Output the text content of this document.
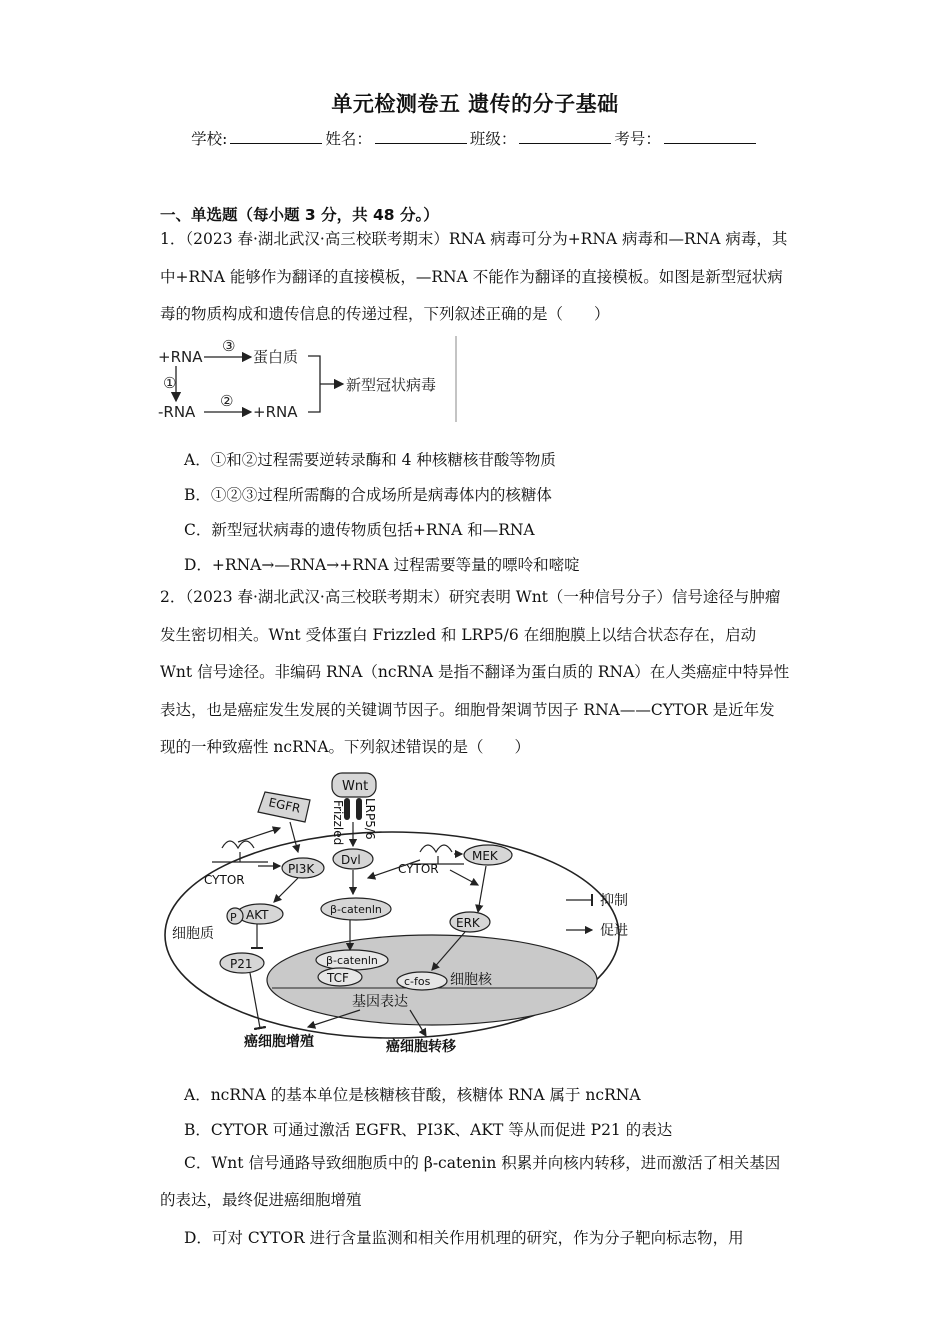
单元检测卷五 遗传的分子基础
学校:	姓名：	班级：	考号：
一、单选题（每小题 3 分，共 48 分。）
1．（2023 春·湖北武汉·高三校联考期末）RNA 病毒可分为+RNA 病毒和—RNA 病毒，其中+RNA 能够作为翻译的直接模板，—RNA 不能作为翻译的直接模板。如图是新型冠状病毒的物质构成和遗传信息的传递过程，下列叙述正确的是（　　）
+RNA
③
蛋白质
①
-RNA
②
+RNA
新型冠状病毒
A．①和②过程需要逆转录酶和 4 种核糖核苷酸等物质
B．①②③过程所需酶的合成场所是病毒体内的核糖体
C．新型冠状病毒的遗传物质包括+RNA 和—RNA
D．+RNA→—RNA→+RNA 过程需要等量的嘌呤和嘧啶
2．（2023 春·湖北武汉·高三校联考期末）研究表明 Wnt（一种信号分子）信号途径与肿瘤发生密切相关。Wnt 受体蛋白 Frizzled 和 LRP5/6 在细胞膜上以结合状态存在，启动 Wnt 信号途径。非编码 RNA（ncRNA 是指不翻译为蛋白质的 RNA）在人类癌症中特异性表达，也是癌症发生发展的关键调节因子。细胞骨架调节因子 RNA——CYTOR 是近年发现的一种致癌性 ncRNA。下列叙述错误的是（　　）
Wnt
Frizzled LRP5/6
Dvl
EGFR
CYTOR
PI3K
AKT
P
细胞质
P21
β-catenln
CYTOR
MEK
ERK
β-catenln
TCF	c-fos 细胞核
基因表达
癌细胞增殖	癌细胞转移
抑制
促进
A．ncRNA 的基本单位是核糖核苷酸，核糖体 RNA 属于 ncRNA
B．CYTOR 可通过激活 EGFR、PI3K、AKT 等从而促进 P21 的表达
C．Wnt 信号通路导致细胞质中的 β-catenin 积累并向核内转移，进而激活了相关基因的表达，最终促进癌细胞增殖
D．可对 CYTOR 进行含量监测和相关作用机理的研究，作为分子靶向标志物，用
